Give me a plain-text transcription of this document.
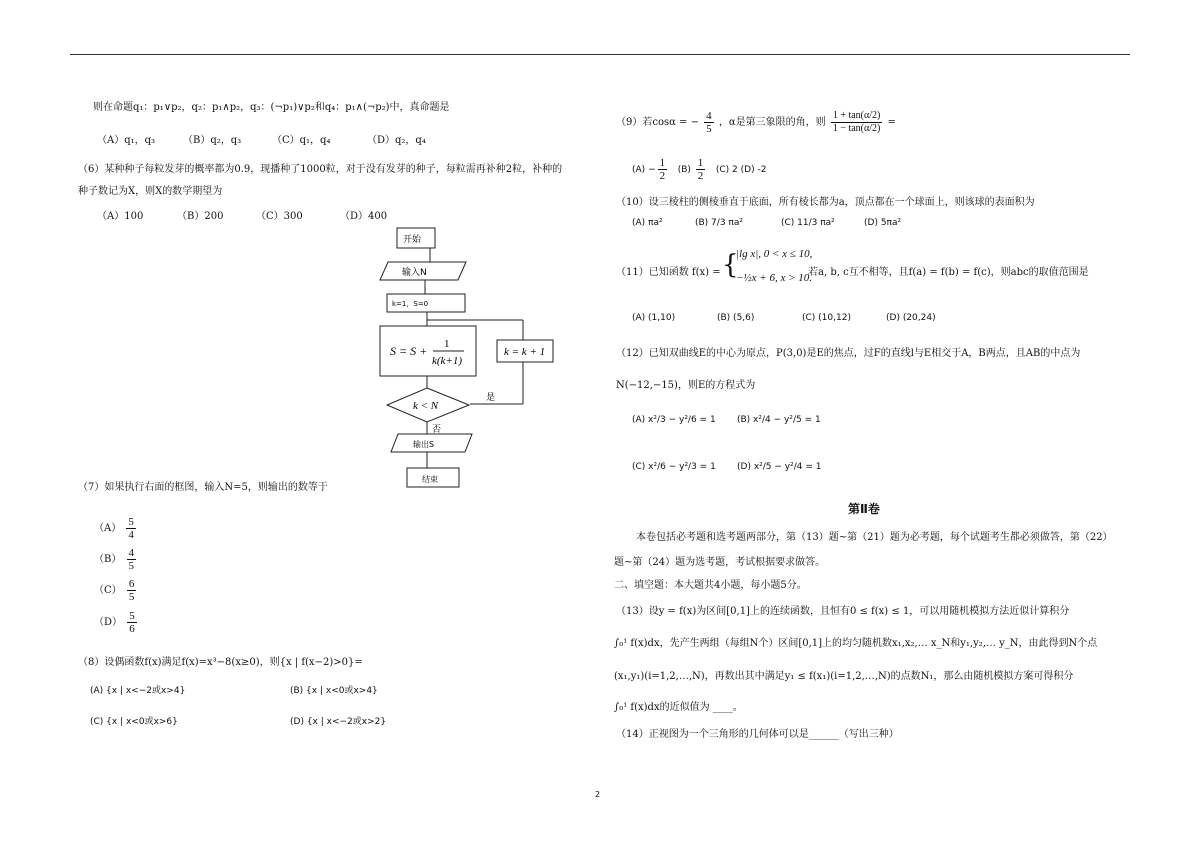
则在命题q₁：p₁∨p₂，q₂：p₁∧p₂，q₃：(¬p₁)∨p₂和q₄：p₁∧(¬p₂)中，真命题是
（A）q₁，q₃	（B）q₂，q₃	（C）q₁，q₄	（D）q₂，q₄
（6）某种种子每粒发芽的概率都为0.9，现播种了1000粒，对于没有发芽的种子，每粒需再补种2粒，补种的
种子数记为X，则X的数学期望为
（A）100	（B）200	（C）300	（D）400
开始
输入N
k=1，S=0
S = S + 1
k(k+1)
k = k + 1
k < N
是
否
输出S
结束
（7）如果执行右面的框图，输入N=5，则输出的数等于
$(A) \frac{5}{4}$
$(B) \frac{4}{5}$
$(C) \frac{6}{5}$
$(D) \frac{5}{6}$
（8）设偶函数f(x)满足f(x)=x³−8(x≥0)，则{x | f(x−2)>0}=
(A) {x | x<−2或x>4}	(B) {x | x<0或x>4}
(C) {x | x<0或x>6}	(D) {x | x<−2或x>2}
（9）若cosα = − $\frac{4}{5}$ ，α是第三象限的角，则 $\frac{1 + \tan(\alpha/2)}{1 - \tan(\alpha/2)}$ =
$(A) - \frac{1}{2} (B) \frac{1}{2} (C)$ 2 (D) -2
（10）设三棱柱的侧棱垂直于底面，所有棱长都为a，顶点都在一个球面上，则该球的表面积为
(A) πa²	(B) 7/3 πa²	(C) 11/3 πa²	(D) 5πa²
（11）已知函数 f(x) = {
|lg x|, 0 < x ≤ 10,
−½x + 6, x > 10.
若a, b, c互不相等，且f(a) = f(b) = f(c)，则abc的取值范围是
(A) (1,10)	(B) (5,6)	(C) (10,12)	(D) (20,24)
（12）已知双曲线E的中心为原点，P(3,0)是E的焦点，过F的直线l与E相交于A，B两点，且AB的中点为
N(−12,−15)，则E的方程式为
(A) x²/3 − y²/6 = 1 (B) x²/4 − y²/5 = 1
(C) x²/6 − y²/3 = 1 (D) x²/5 − y²/4 = 1
第Ⅱ卷
本卷包括必考题和选考题两部分，第（13）题~第（21）题为必考题，每个试题考生都必须做答，第（22）
题~第（24）题为选考题，考试根据要求做答。
二、填空题：本大题共4小题，每小题5分。
（13）设y = f(x)为区间[0,1]上的连续函数，且恒有0 ≤ f(x) ≤ 1，可以用随机模拟方法近似计算积分
∫₀¹ f(x)dx，先产生两组（每组N个）区间[0,1]上的均匀随机数x₁,x₂,… x_N和y₁,y₂,… y_N，由此得到N个点
(x₁,y₁)(i=1,2,…,N)，再数出其中满足y₁ ≤ f(x₁)(i=1,2,…,N)的点数N₁，那么由随机模拟方案可得积分
∫₀¹ f(x)dx的近似值为 ____。
（14）正视图为一个三角形的几何体可以是______（写出三种）
2
